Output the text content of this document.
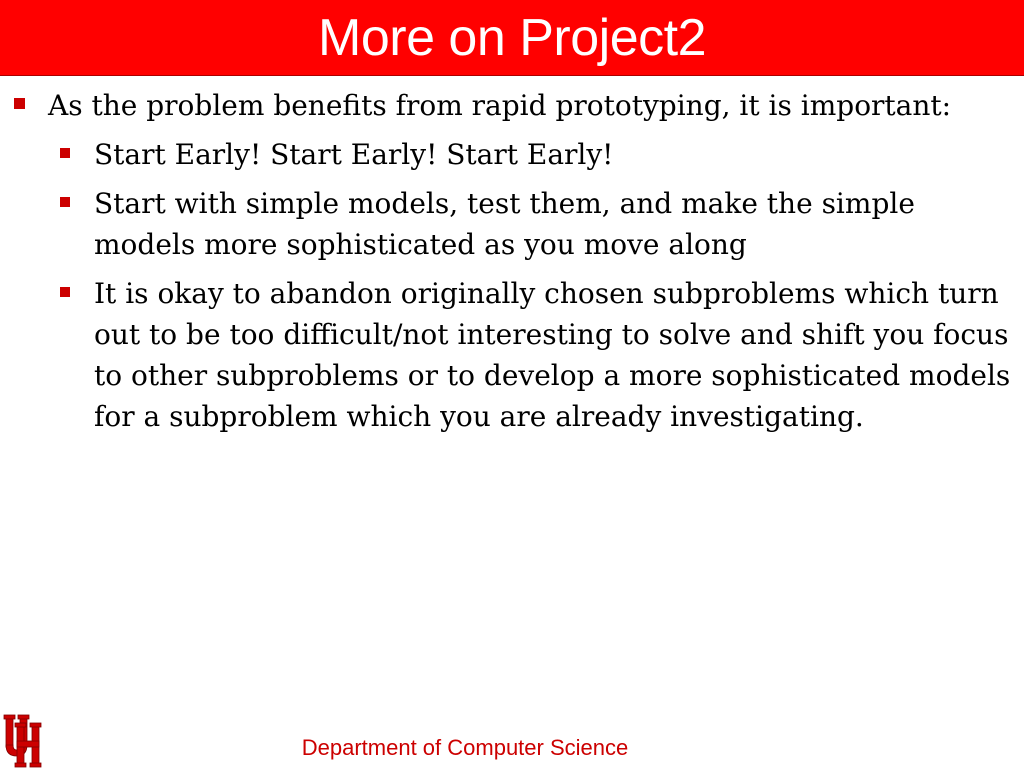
More on Project2
As the problem benefits from rapid prototyping, it is important:
Start Early! Start Early! Start Early!
Start with simple models, test them, and make the simple models more sophisticated as you move along
It is okay to abandon originally chosen subproblems which turn out to be too difficult/not interesting to solve and shift you focus to other subproblems or to develop a more sophisticated models for a subproblem which you are already investigating.
Department of Computer Science
